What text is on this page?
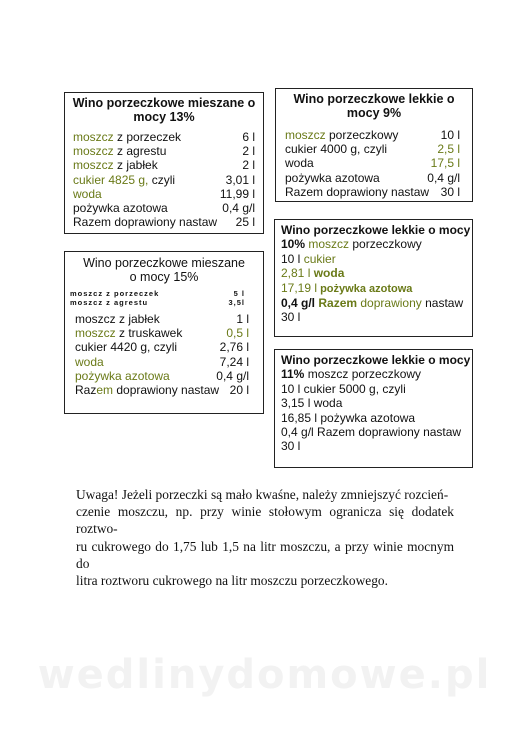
Wino porzeczkowe mieszane o
mocy 13%
moszcz z porzeczek	6 l
moszcz z agrestu	2 l
moszcz z jabłek	2 l
cukier 4825 g, czyli	3,01 l
woda	11,99 l
pożywka azotowa	0,4 g/l
Razem doprawiony nastaw 25 l
Wino porzeczkowe mieszane
o mocy 15%
moszcz z porzeczek	5 l
moszcz z agrestu	3,5l
moszcz z jabłek	1 l
moszcz z truskawek	0,5 l
cukier 4420 g, czyli	2,76 l
woda	7,24 l
pożywka azotowa	0,4 g/l
Razem doprawiony nastaw 20 l
Wino porzeczkowe lekkie o
mocy 9%
moszcz porzeczkowy	10 l
cukier 4000 g, czyli	2,5 l
woda	17,5 l
pożywka azotowa	0,4 g/l
Razem doprawiony nastaw 30 l
Wino porzeczkowe lekkie o mocy
10% moszcz porzeczkowy
10 l cukier
2,81 l woda
17,19 l pożywka azotowa
0,4 g/l Razem doprawiony nastaw
30 l
Wino porzeczkowe lekkie o mocy
11% moszcz porzeczkowy
10 l cukier 5000 g, czyli
3,15 l woda
16,85 l pożywka azotowa
0,4 g/l Razem doprawiony nastaw
30 l
Uwaga! Jeżeli porzeczki są mało kwaśne, należy zmniejszyć rozcień-
czenie moszczu, np. przy winie stołowym ogranicza się dodatek roztwo-
ru cukrowego do 1,75 lub 1,5 na litr moszczu, a przy winie mocnym do
litra roztworu cukrowego na litr moszczu porzeczkowego.
wedlinydomowe.pl
